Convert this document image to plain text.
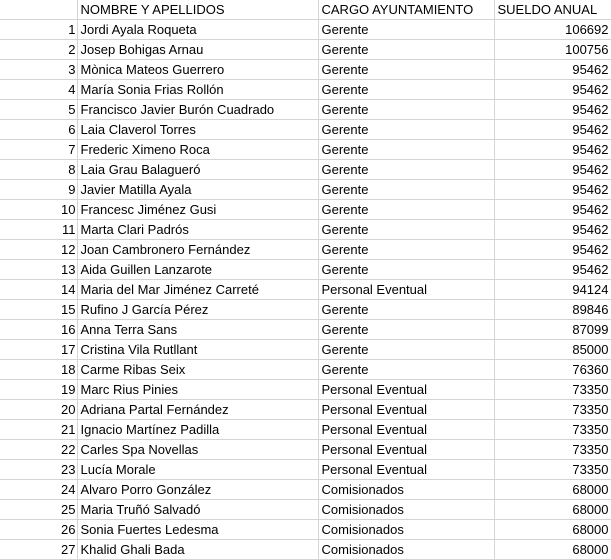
	NOMBRE Y APELLIDOS	CARGO AYUNTAMIENTO	SUELDO ANUAL
1	Jordi Ayala Roqueta	Gerente	106692
2	Josep Bohigas Arnau	Gerente	100756
3	Mònica Mateos Guerrero	Gerente	95462
4	María Sonia Frias Rollón	Gerente	95462
5	Francisco Javier Burón Cuadrado	Gerente	95462
6	Laia Claverol Torres	Gerente	95462
7	Frederic Ximeno Roca	Gerente	95462
8	Laia Grau Balagueró	Gerente	95462
9	Javier Matilla Ayala	Gerente	95462
10	Francesc Jiménez Gusi	Gerente	95462
11	Marta Clari Padrós	Gerente	95462
12	Joan Cambronero Fernández	Gerente	95462
13	Aida Guillen Lanzarote	Gerente	95462
14	Maria del Mar Jiménez Carreté	Personal Eventual	94124
15	Rufino J García Pérez	Gerente	89846
16	Anna Terra Sans	Gerente	87099
17	Cristina Vila Rutllant	Gerente	85000
18	Carme Ribas Seix	Gerente	76360
19	Marc Rius Pinies	Personal Eventual	73350
20	Adriana Partal Fernández	Personal Eventual	73350
21	Ignacio Martínez Padilla	Personal Eventual	73350
22	Carles Spa Novellas	Personal Eventual	73350
23	Lucía Morale	Personal Eventual	73350
24	Alvaro Porro González	Comisionados	68000
25	Maria Truñó Salvadó	Comisionados	68000
26	Sonia Fuertes Ledesma	Comisionados	68000
27	Khalid Ghali Bada	Comisionados	68000
